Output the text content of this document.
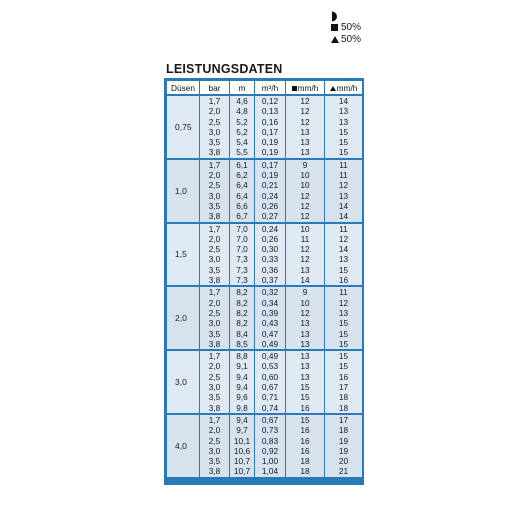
50%
50%
LEISTUNGSDATEN
Düsen	bar	m	m³/h	mm/h	mm/h
0,75	1,7	4,6	0,12	12	14
	2,0	4,8	0,13	12	13
	2,5	5,2	0,16	12	13
	3,0	5,2	0,17	13	15
	3,5	5,4	0,19	13	15
	3,8	5,5	0,19	13	15
1,0	1,7	6,1	0,17	9	11
	2,0	6,2	0,19	10	11
	2,5	6,4	0,21	10	12
	3,0	6,4	0,24	12	13
	3,5	6,6	0,26	12	14
	3,8	6,7	0,27	12	14
1,5	1,7	7,0	0,24	10	11
	2,0	7,0	0,26	11	12
	2,5	7,0	0,30	12	14
	3,0	7,3	0,33	12	13
	3,5	7,3	0,36	13	15
	3,8	7,3	0,37	14	16
2,0	1,7	8,2	0,32	9	11
	2,0	8,2	0,34	10	12
	2,5	8,2	0,39	12	13
	3,0	8,2	0,43	13	15
	3,5	8,4	0,47	13	15
	3,8	8,5	0,49	13	15
3,0	1,7	8,8	0,49	13	15
	2,0	9,1	0,53	13	15
	2,5	9,4	0,60	13	16
	3,0	9,4	0,67	15	17
	3,5	9,6	0,71	15	18
	3,8	9,8	0,74	16	18
4,0	1,7	9,4	0,67	15	17
	2,0	9,7	0,73	16	18
	2,5	10,1	0,83	16	19
	3,0	10,6	0,92	16	19
	3,5	10,7	1,00	18	20
	3,8	10,7	1,04	18	21
